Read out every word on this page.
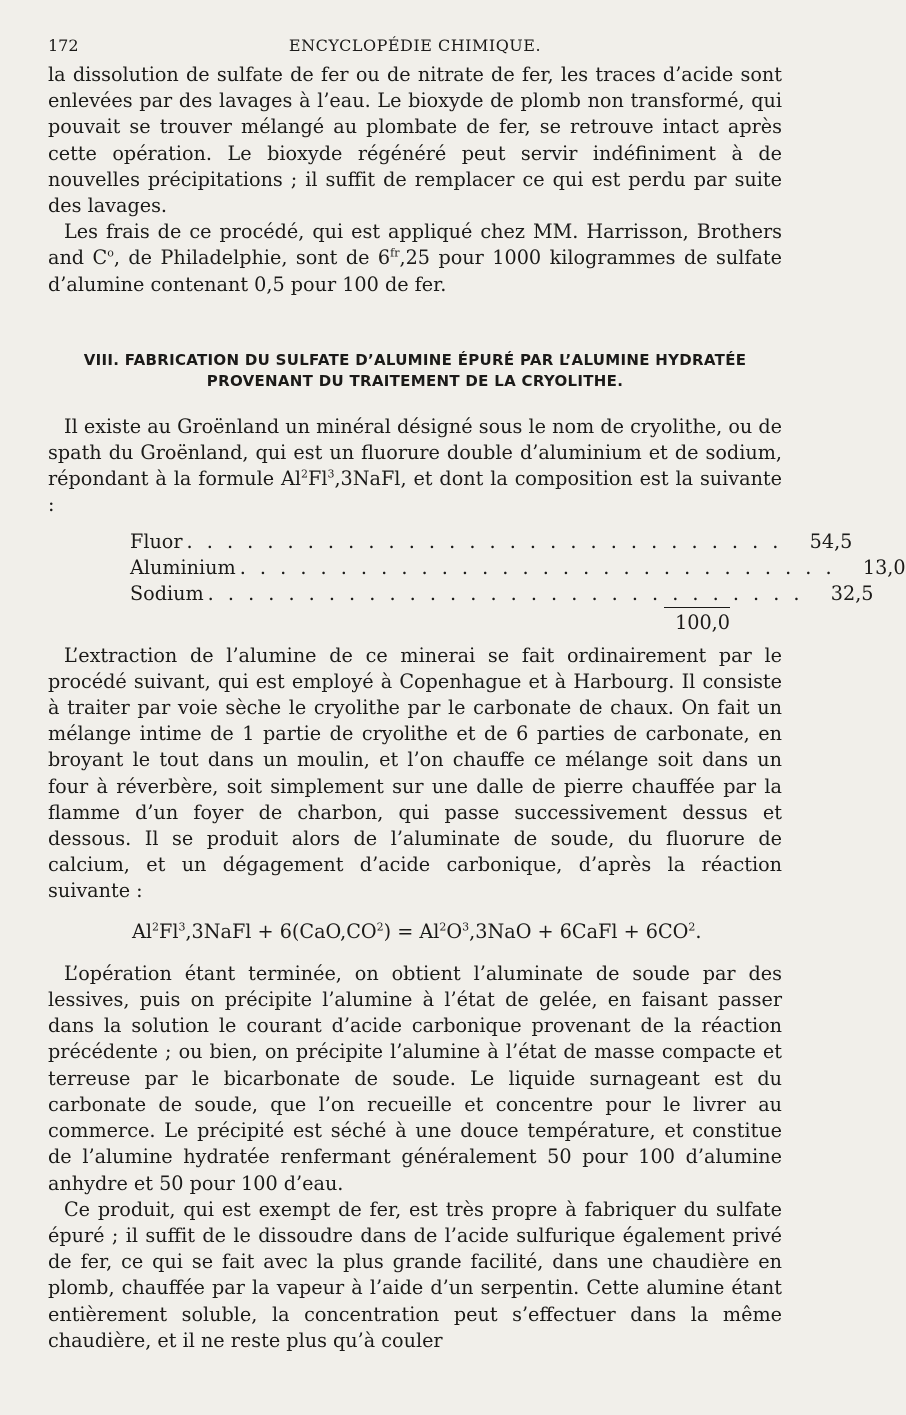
172	ENCYCLOPÉDIE CHIMIQUE.

la dissolution de sulfate de fer ou de nitrate de fer, les traces d’acide sont enlevées par des lavages à l’eau. Le bioxyde de plomb non transformé, qui pouvait se trouver mélangé au plombate de fer, se retrouve intact après cette opération. Le bioxyde régénéré peut servir indéfiniment à de nouvelles précipitations ; il suffit de remplacer ce qui est perdu par suite des lavages.

Les frais de ce procédé, qui est appliqué chez MM. Harrisson, Brothers and $C^o$, de Philadelphie, sont de $6^{fr},25$ pour 1000 kilogrammes de sulfate d’alumine contenant 0,5 pour 100 de fer.

VIII. FABRICATION DU SULFATE D’ALUMINE ÉPURÉ PAR L’ALUMINE HYDRATÉE
PROVENANT DU TRAITEMENT DE LA CRYOLITHE.

Il existe au Groënland un minéral désigné sous le nom de cryolithe, ou de spath du Groënland, qui est un fluorure double d’aluminium et de sodium, répondant à la formule Al$^2$Fl$^3$,3NaFl, et dont la composition est la suivante :

Fluor . . . . . . . . . . . . . . . . . . . . . . . . . . . . . .	54,5
Aluminium . . . . . . . . . . . . . . . . . . . . . . . . . . . . . .	13,0
Sodium . . . . . . . . . . . . . . . . . . . . . . . . . . . . . .	32,5
100,0

L’extraction de l’alumine de ce minerai se fait ordinairement par le procédé suivant, qui est employé à Copenhague et à Harbourg. Il consiste à traiter par voie sèche le cryolithe par le carbonate de chaux. On fait un mélange intime de 1 partie de cryolithe et de 6 parties de carbonate, en broyant le tout dans un moulin, et l’on chauffe ce mélange soit dans un four à réverbère, soit simplement sur une dalle de pierre chauffée par la flamme d’un foyer de charbon, qui passe successivement dessus et dessous. Il se produit alors de l’aluminate de soude, du fluorure de calcium, et un dégagement d’acide carbonique, d’après la réaction suivante :

$Al^2Fl^3,3NaFl + 6(CaO,CO^2) = Al^2O^3,3NaO$ + 6CaFl + $6CO^2$.

L’opération étant terminée, on obtient l’aluminate de soude par des lessives, puis on précipite l’alumine à l’état de gelée, en faisant passer dans la solution le courant d’acide carbonique provenant de la réaction précédente ; ou bien, on précipite l’alumine à l’état de masse compacte et terreuse par le bicarbonate de soude. Le liquide surnageant est du carbonate de soude, que l’on recueille et concentre pour le livrer au commerce. Le précipité est séché à une douce température, et constitue de l’alumine hydratée renfermant généralement 50 pour 100 d’alumine anhydre et 50 pour 100 d’eau.

Ce produit, qui est exempt de fer, est très propre à fabriquer du sulfate épuré ; il suffit de le dissoudre dans de l’acide sulfurique également privé de fer, ce qui se fait avec la plus grande facilité, dans une chaudière en plomb, chauffée par la vapeur à l’aide d’un serpentin. Cette alumine étant entièrement soluble, la concentration peut s’effectuer dans la même chaudière, et il ne reste plus qu’à couler
